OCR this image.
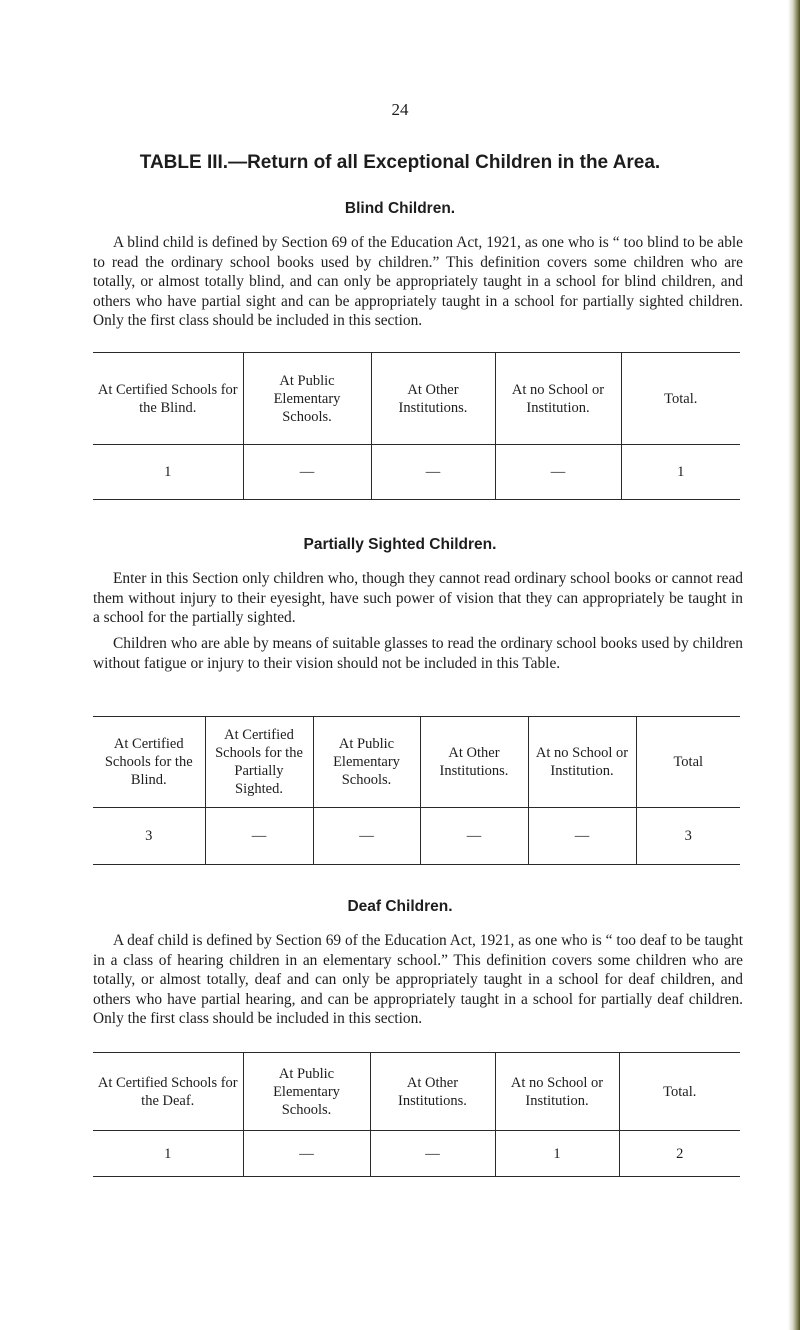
24
TABLE III.—Return of all Exceptional Children in the Area.
Blind Children.
A blind child is defined by Section 69 of the Education Act, 1921, as one who is “ too blind to be able to read the ordinary school books used by children.” This definition covers some children who are totally, or almost totally blind, and can only be appropriately taught in a school for blind children, and others who have partial sight and can be appropriately taught in a school for partially sighted children. Only the first class should be included in this section.
At Certified Schools for the Blind.	At Public Elementary Schools.	At Other Institutions.	At no School or Institution.	Total.
1	—	—	—	1
Partially Sighted Children.
Enter in this Section only children who, though they cannot read ordinary school books or cannot read them without injury to their eyesight, have such power of vision that they can appropriately be taught in a school for the partially sighted.
Children who are able by means of suitable glasses to read the ordinary school books used by children without fatigue or injury to their vision should not be included in this Table.
At Certified Schools for the Blind.	At Certified Schools for the Partially Sighted.	At Public Elementary Schools.	At Other Institutions.	At no School or Institution.	Total
3	—	—	—	—	3
Deaf Children.
A deaf child is defined by Section 69 of the Education Act, 1921, as one who is “ too deaf to be taught in a class of hearing children in an elementary school.” This definition covers some children who are totally, or almost totally, deaf and can only be appropriately taught in a school for deaf children, and others who have partial hearing, and can be appropriately taught in a school for partially deaf children. Only the first class should be included in this section.
At Certified Schools for the Deaf.	At Public Elementary Schools.	At Other Institutions.	At no School or Institution.	Total.
1	—	—	1	2
